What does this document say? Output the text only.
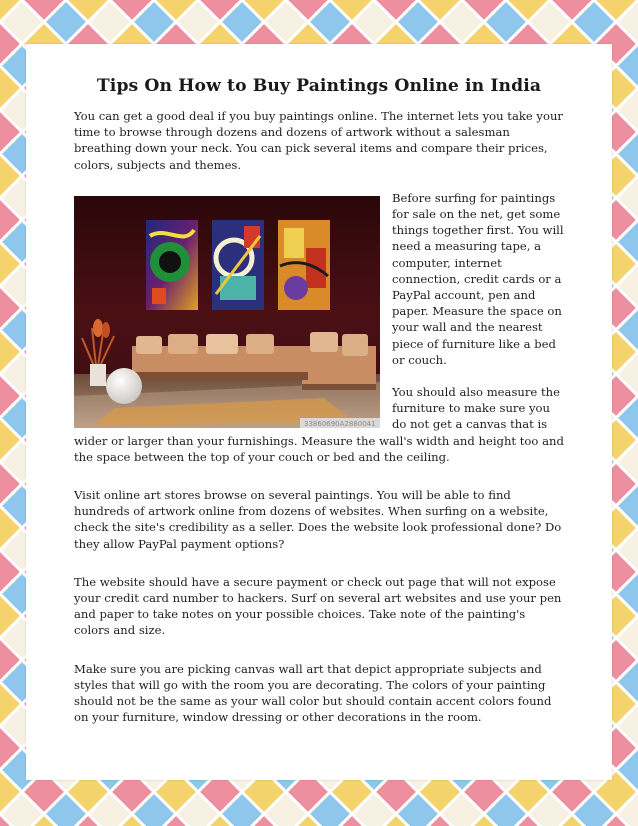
Tips On How to Buy Paintings Online in India

You can get a good deal if you buy paintings online. The internet lets you take your time to browse through dozens and dozens of artwork without a salesman breathing down your neck. You can pick several items and compare their prices, colors, subjects and themes.

33860690A2880041

Before surfing for paintings for sale on the net, get some things together first. You will need a measuring tape, a computer, internet connection, credit cards or a PayPal account, pen and paper. Measure the space on your wall and the nearest piece of furniture like a bed or couch.

You should also measure the furniture to make sure you do not get a canvas that is wider or larger than your furnishings. Measure the wall's width and height too and the space between the top of your couch or bed and the ceiling.

Visit online art stores browse on several paintings. You will be able to find hundreds of artwork online from dozens of websites. When surfing on a website, check the site's credibility as a seller. Does the website look professional done? Do they allow PayPal payment options?

The website should have a secure payment or check out page that will not expose your credit card number to hackers. Surf on several art websites and use your pen and paper to take notes on your possible choices. Take note of the painting's colors and size.

Make sure you are picking canvas wall art that depict appropriate subjects and styles that will go with the room you are decorating. The colors of your painting should not be the same as your wall color but should contain accent colors found on your furniture, window dressing or other decorations in the room.
